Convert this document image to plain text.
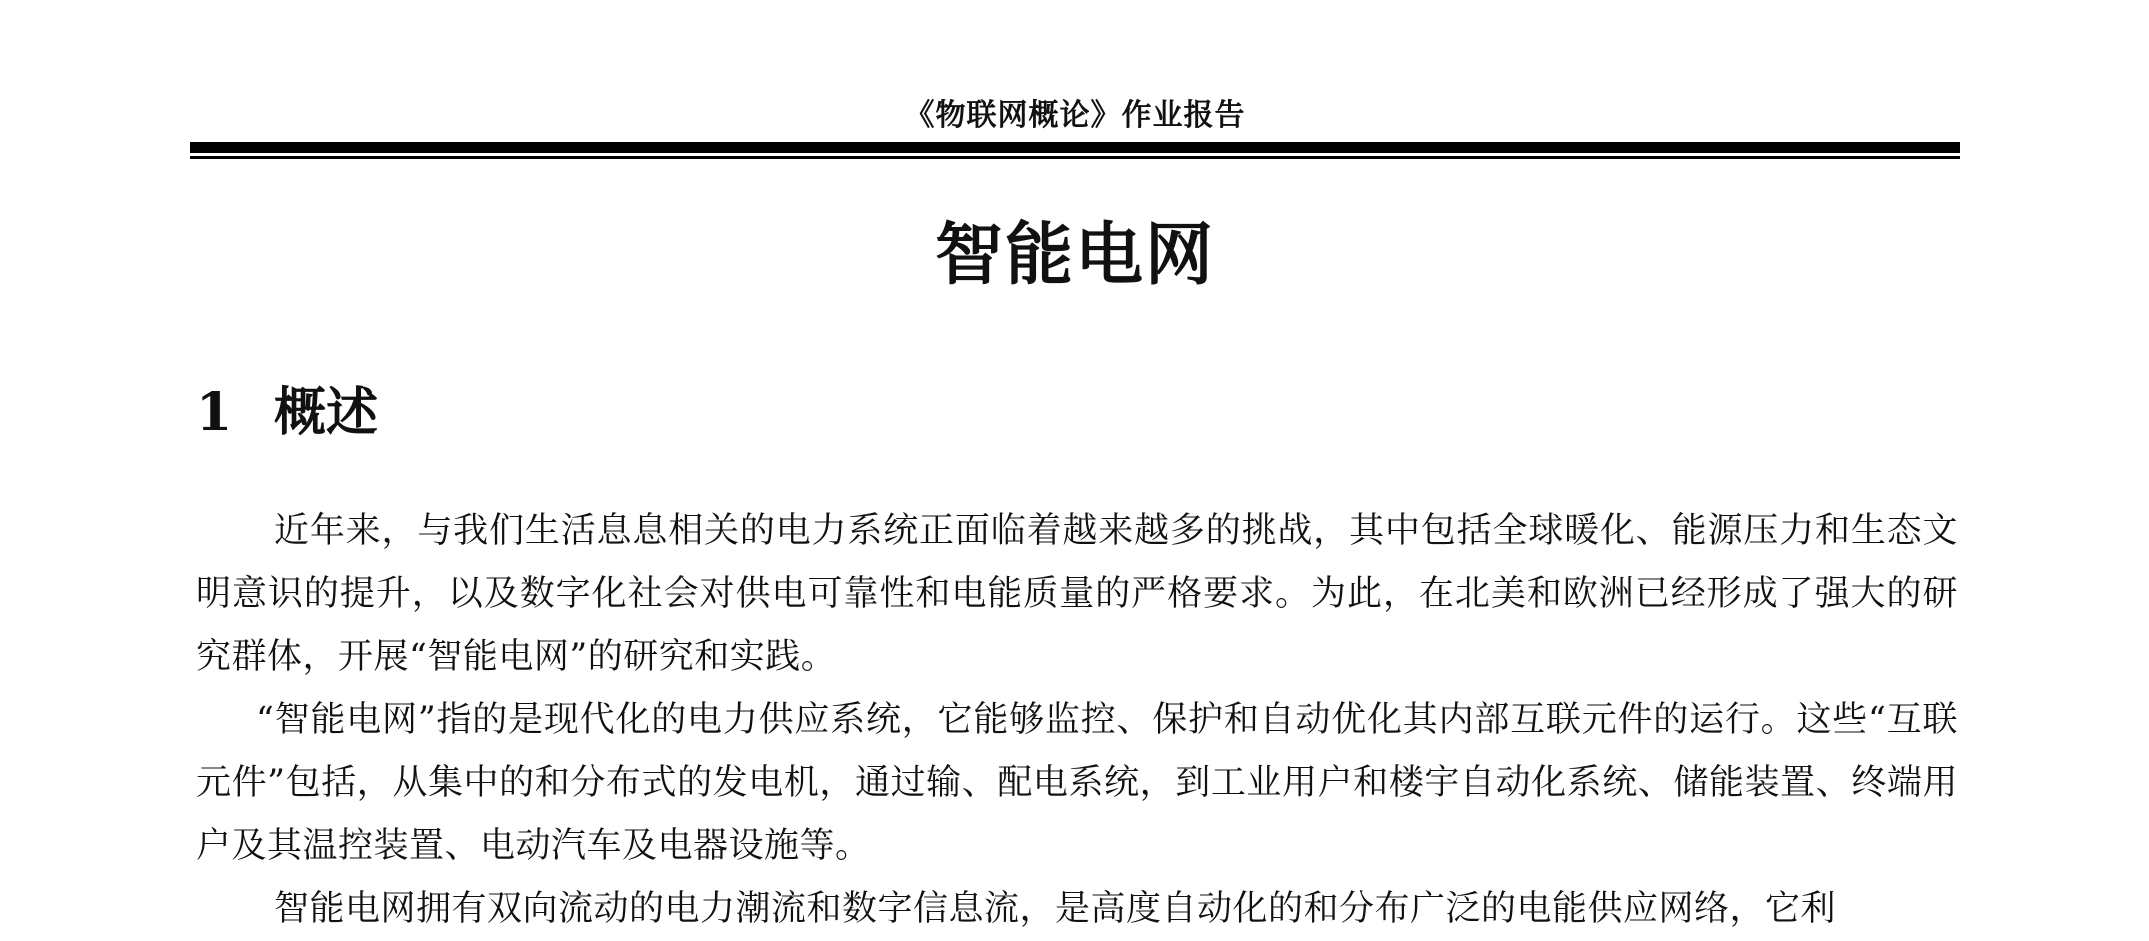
《物联网概论》作业报告
智能电网
1 概述

近年来，与我们生活息息相关的电力系统正面临着越来越多的挑战，其中包括全球暖化、能源压力和生态文明意识的提升，以及数字化社会对供电可靠性和电能质量的严格要求。为此，在北美和欧洲已经形成了强大的研究群体，开展“智能电网”的研究和实践。

“智能电网”指的是现代化的电力供应系统，它能够监控、保护和自动优化其内部互联元件的运行。这些“互联元件”包括，从集中的和分布式的发电机，通过输、配电系统，到工业用户和楼宇自动化系统、储能装置、终端用户及其温控装置、电动汽车及电器设施等。

智能电网拥有双向流动的电力潮流和数字信息流，是高度自动化的和分布广泛的电能供应网络，它利
